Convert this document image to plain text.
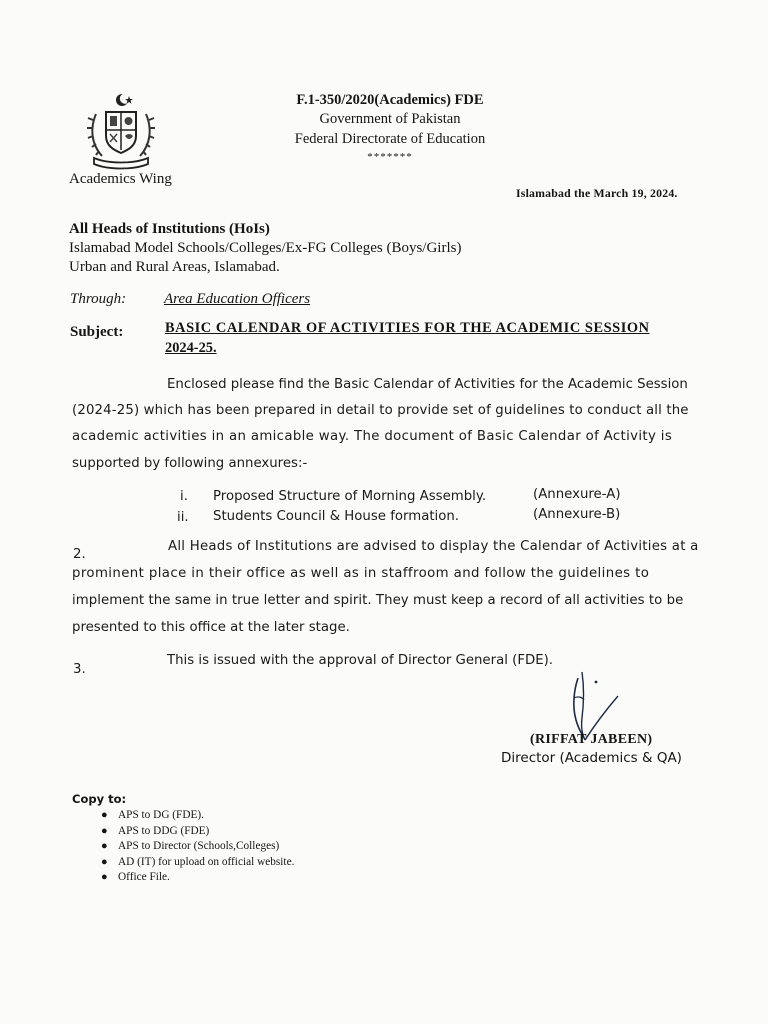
F.1-350/2020(Academics) FDE
Government of Pakistan
Federal Directorate of Education
*******
Academics Wing
Islamabad the March 19, 2024.
All Heads of Institutions (HoIs)
Islamabad Model Schools/Colleges/Ex-FG Colleges (Boys/Girls)
Urban and Rural Areas, Islamabad.
Through:	Area Education Officers
Subject:	BASIC CALENDAR OF ACTIVITIES FOR THE ACADEMIC SESSION
2024-25.
Enclosed please find the Basic Calendar of Activities for the Academic Session
(2024-25) which has been prepared in detail to provide set of guidelines to conduct all the
academic activities in an amicable way. The document of Basic Calendar of Activity is
supported by following annexures:-
i. Proposed Structure of Morning Assembly.	(Annexure-A)
ii. Students Council & House formation.	(Annexure-B)
2.
All Heads of Institutions are advised to display the Calendar of Activities at a
prominent place in their office as well as in staffroom and follow the guidelines to
implement the same in true letter and spirit. They must keep a record of all activities to be
presented to this office at the later stage.
3.
This is issued with the approval of Director General (FDE).
(RIFFAT JABEEN)
Director (Academics & QA)
Copy to:
● APS to DG (FDE).
● APS to DDG (FDE)
● APS to Director (Schools,Colleges)
● AD (IT) for upload on official website.
● Office File.
